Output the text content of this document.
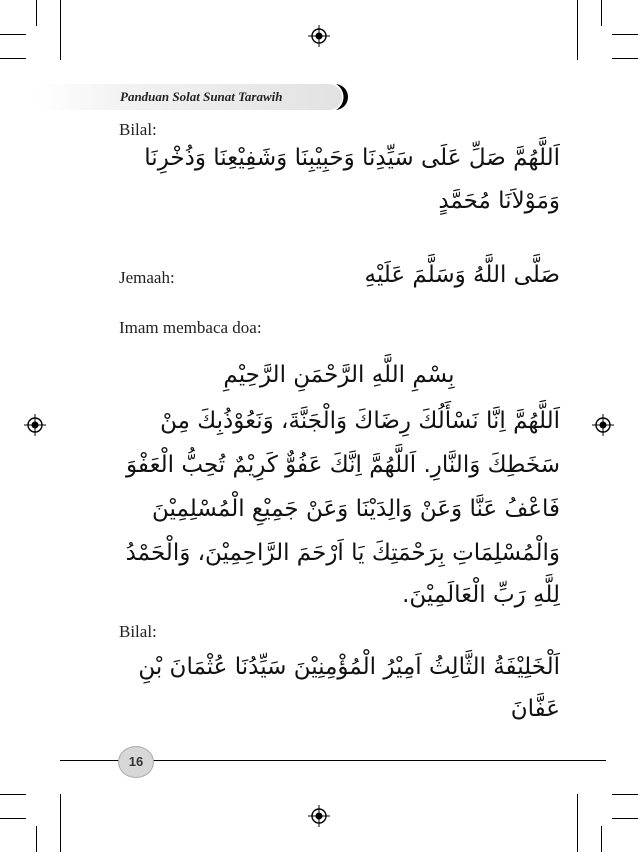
Panduan Solat Sunat Tarawih
Bilal:
اَللَّهُمَّ صَلِّ عَلَى سَيِّدِنَا وَحَبِيْبِنَا وَشَفِيْعِنَا وَذُخْرِنَا
وَمَوْلاَنَا مُحَمَّدٍ
Jemaah:	صَلَّى اللَّهُ وَسَلَّمَ عَلَيْهِ
Imam membaca doa:
بِسْمِ اللَّهِ الرَّحْمَنِ الرَّحِيْمِ
اَللَّهُمَّ اِنَّا نَسْأَلُكَ رِضَاكَ وَالْجَنَّةَ، وَنَعُوْذُبِكَ مِنْ
سَخَطِكَ وَالنَّارِ. اَللَّهُمَّ اِنَّكَ عَفُوٌّ كَرِيْمٌ تُحِبُّ الْعَفْوَ
فَاعْفُ عَنَّا وَعَنْ وَالِدَيْنَا وَعَنْ جَمِيْعِ الْمُسْلِمِيْنَ
وَالْمُسْلِمَاتِ بِرَحْمَتِكَ يَا اَرْحَمَ الرَّاحِمِيْنَ، وَالْحَمْدُ
لِلَّهِ رَبِّ الْعَالَمِيْنَ.
Bilal:
اَلْخَلِيْفَةُ الثَّالِثُ اَمِيْرُ الْمُؤْمِنِيْنَ سَيِّدُنَا عُثْمَانَ بْنِ
عَفَّانَ
16
